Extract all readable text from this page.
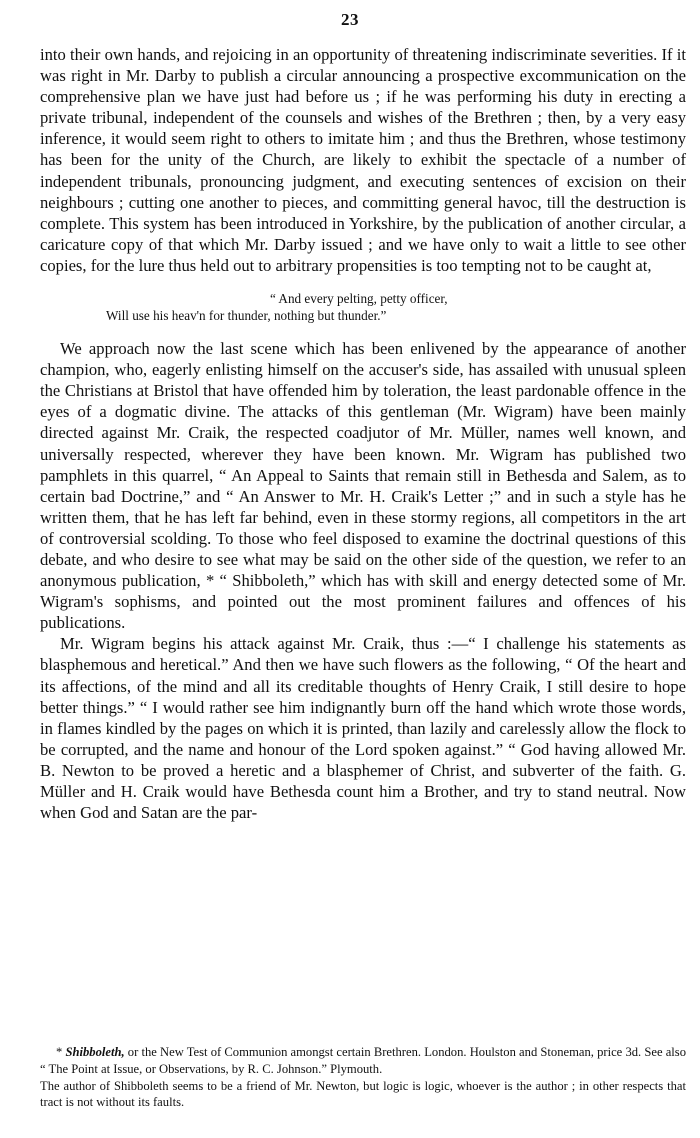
23

into their own hands, and rejoicing in an opportunity of threatening indiscriminate severities. If it was right in Mr. Darby to publish a circular announcing a prospective excommunication on the comprehensive plan we have just had before us ; if he was performing his duty in erecting a private tribunal, independent of the counsels and wishes of the Brethren ; then, by a very easy inference, it would seem right to others to imitate him ; and thus the Brethren, whose testimony has been for the unity of the Church, are likely to exhibit the spectacle of a number of independent tribunals, pronouncing judgment, and executing sentences of excision on their neighbours ; cutting one another to pieces, and committing general havoc, till the destruction is complete. This system has been introduced in Yorkshire, by the publication of another circular, a caricature copy of that which Mr. Darby issued ; and we have only to wait a little to see other copies, for the lure thus held out to arbitrary propensities is too tempting not to be caught at,

“ And every pelting, petty officer,
Will use his heav'n for thunder, nothing but thunder.”

We approach now the last scene which has been enlivened by the appearance of another champion, who, eagerly enlisting himself on the accuser's side, has assailed with unusual spleen the Christians at Bristol that have offended him by toleration, the least pardonable offence in the eyes of a dogmatic divine. The attacks of this gentleman (Mr. Wigram) have been mainly directed against Mr. Craik, the respected coadjutor of Mr. Müller, names well known, and universally respected, wherever they have been known. Mr. Wigram has published two pamphlets in this quarrel, “ An Appeal to Saints that remain still in Bethesda and Salem, as to certain bad Doctrine,” and “ An Answer to Mr. H. Craik's Letter ;” and in such a style has he written them, that he has left far behind, even in these stormy regions, all competitors in the art of controversial scolding. To those who feel disposed to examine the doctrinal questions of this debate, and who desire to see what may be said on the other side of the question, we refer to an anonymous publication, * “ Shibboleth,” which has with skill and energy detected some of Mr. Wigram's sophisms, and pointed out the most prominent failures and offences of his publications.

Mr. Wigram begins his attack against Mr. Craik, thus :—“ I challenge his statements as blasphemous and heretical.” And then we have such flowers as the following, “ Of the heart and its affections, of the mind and all its creditable thoughts of Henry Craik, I still desire to hope better things.” “ I would rather see him indignantly burn off the hand which wrote those words, in flames kindled by the pages on which it is printed, than lazily and carelessly allow the flock to be corrupted, and the name and honour of the Lord spoken against.” “ God having allowed Mr. B. Newton to be proved a heretic and a blasphemer of Christ, and subverter of the faith. G. Müller and H. Craik would have Bethesda count him a Brother, and try to stand neutral. Now when God and Satan are the par-

* Shibboleth, or the New Test of Communion amongst certain Brethren. London. Houlston and Stoneman, price 3d. See also “ The Point at Issue, or Observations, by R. C. Johnson.” Plymouth.

The author of Shibboleth seems to be a friend of Mr. Newton, but logic is logic, whoever is the author ; in other respects that tract is not without its faults.
